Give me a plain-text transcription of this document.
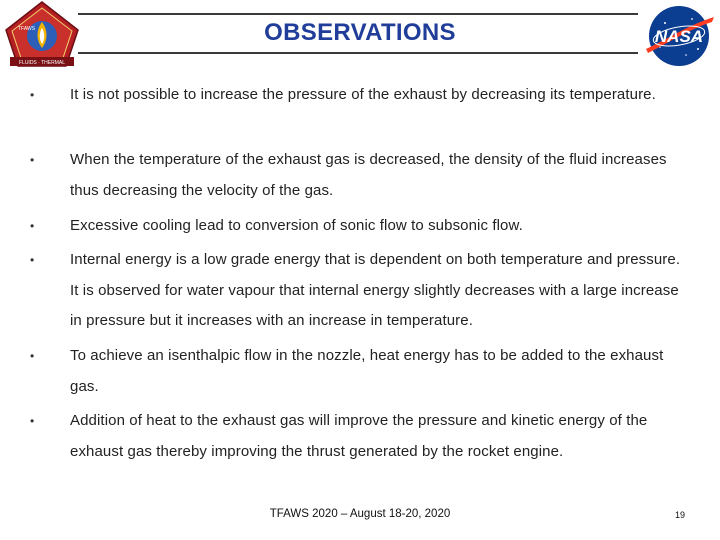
FLUIDS · THERMAL
TFAWS	OBSERVATIONS	NASA
• It is not possible to increase the pressure of the exhaust by decreasing its temperature.
• When the temperature of the exhaust gas is decreased, the density of the fluid increases thus decreasing the velocity of the gas.
• Excessive cooling lead to conversion of sonic flow to subsonic flow.
• Internal energy is a low grade energy that is dependent on both temperature and pressure. It is observed for water vapour that internal energy slightly decreases with a large increase in pressure but it increases with an increase in temperature.
• To achieve an isenthalpic flow in the nozzle, heat energy has to be added to the exhaust gas.
• Addition of heat to the exhaust gas will improve the pressure and kinetic energy of the exhaust gas thereby improving the thrust generated by the rocket engine.
TFAWS 2020 – August 18-20, 2020	19
